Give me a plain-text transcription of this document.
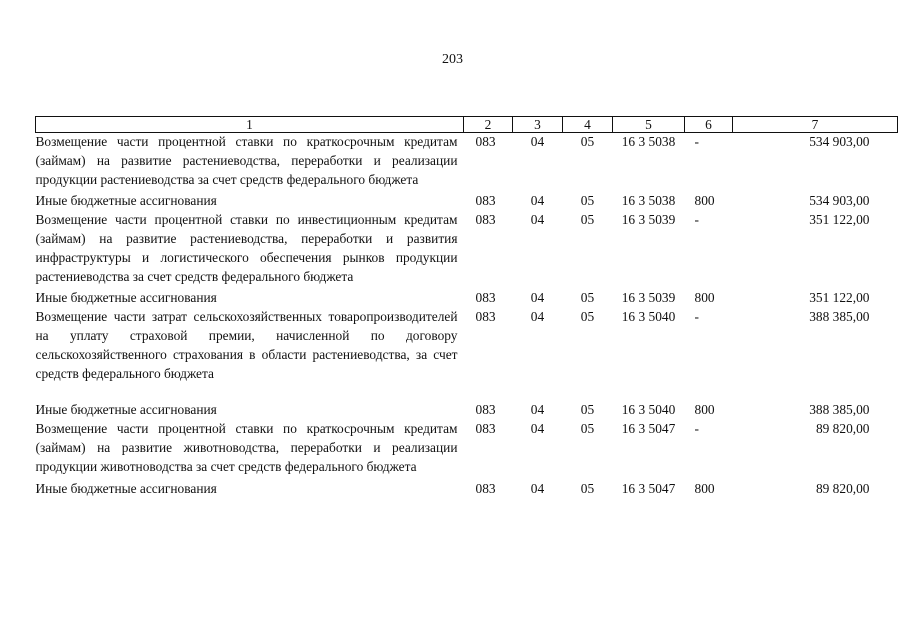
203
1	2	3	4	5	6	7
Возмещение части процентной ставки по краткосрочным кредитам (займам) на развитие растениеводства, переработки и реализации продукции растениеводства за счет средств федерального бюджета	083	04	05	16 3 5038	-	534 903,00
Иные бюджетные ассигнования	083	04	05	16 3 5038	800	534 903,00
Возмещение части процентной ставки по инвестиционным кредитам (займам) на развитие растениеводства, переработки и развития инфраструктуры и логистического обеспечения рынков продукции растениеводства за счет средств федерального бюджета	083	04	05	16 3 5039	-	351 122,00
Иные бюджетные ассигнования	083	04	05	16 3 5039	800	351 122,00
Возмещение части затрат сельскохозяйственных товаропроизводителей на уплату страховой премии, начисленной по договору сельскохозяйственного страхования в области растениеводства, за счет средств федерального бюджета	083	04	05	16 3 5040	-	388 385,00
Иные бюджетные ассигнования	083	04	05	16 3 5040	800	388 385,00
Возмещение части процентной ставки по краткосрочным кредитам (займам) на развитие животноводства, переработки и реализации продукции животноводства за счет средств федерального бюджета	083	04	05	16 3 5047	-	89 820,00
Иные бюджетные ассигнования	083	04	05	16 3 5047	800	89 820,00
